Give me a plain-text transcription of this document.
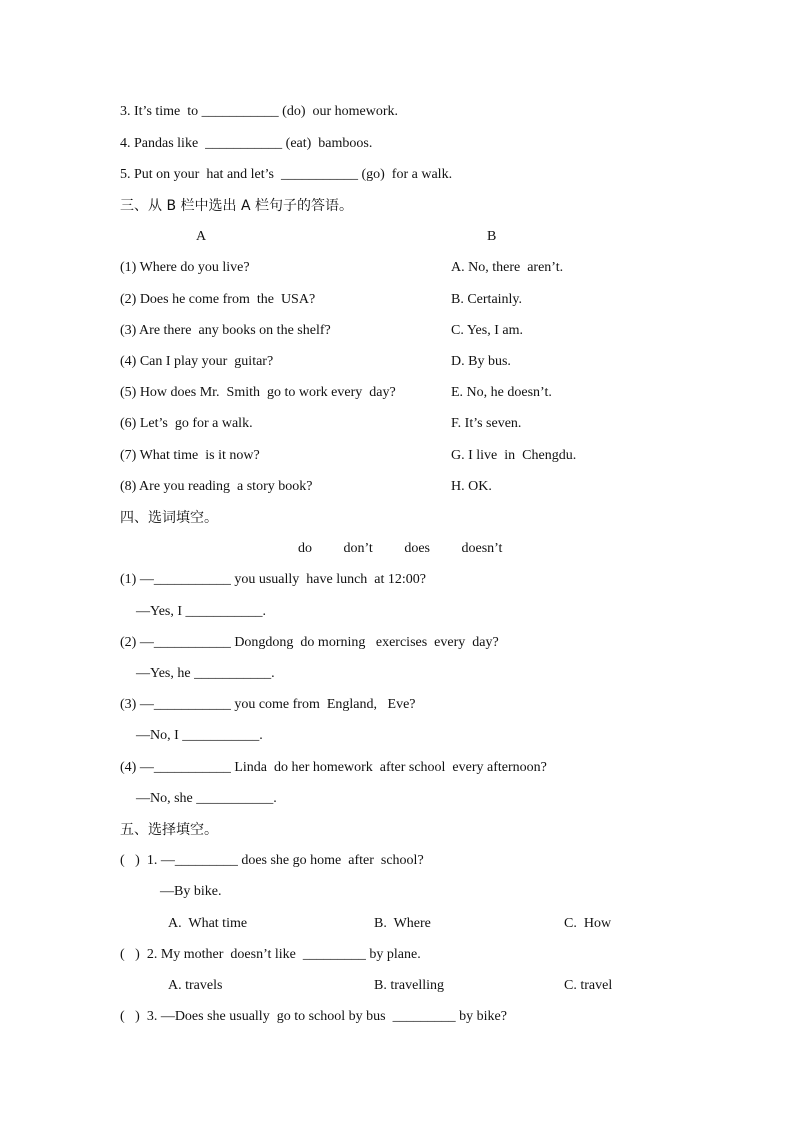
3. It’s time  to ___________ (do)  our homework.
4. Pandas like  ___________ (eat)  bamboos.
5. Put on your  hat and let’s  ___________ (go)  for a walk.
三、从 B 栏中选出 A 栏句子的答语。
A	B
(1) Where do you live?	A. No, there  aren’t.
(2) Does he come from  the  USA?	B. Certainly.
(3) Are there  any books on the shelf?	C. Yes, I am.
(4) Can I play your  guitar?	D. By bus.
(5) How does Mr.  Smith  go to work every  day?	E. No, he doesn’t.
(6) Let’s  go for a walk.	F. It’s seven.
(7) What time  is it now?	G. I live  in  Chengdu.
(8) Are you reading  a story book?	H. OK.
四、选词填空。
do don’t does doesn’t
(1) —___________ you usually  have lunch  at 12:00?
—Yes, I ___________.
(2) —___________ Dongdong  do morning   exercises  every  day?
—Yes, he ___________.
(3) —___________ you come from  England,   Eve?
—No, I ___________.
(4) —___________ Linda  do her homework  after school  every afternoon?
—No, she ___________.
五、选择填空。
(   )  1. —_________ does she go home  after  school?
—By bike.
A.  What time	B.  Where	C.  How
(   )  2. My mother  doesn’t like  _________ by plane.
A. travels	B. travelling	C. travel
(   )  3. —Does she usually  go to school by bus  _________ by bike?
